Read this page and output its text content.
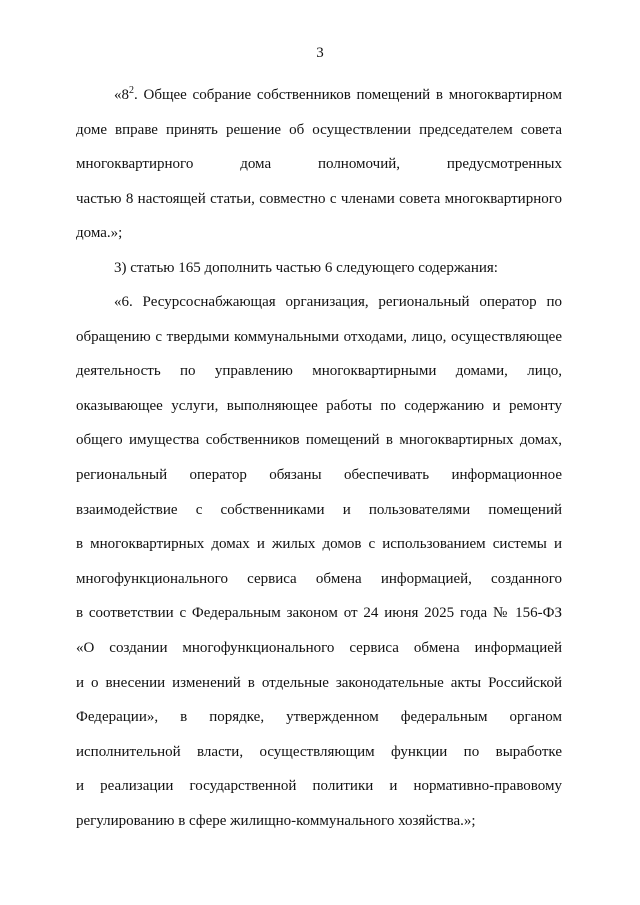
3
«$8^2$. Общее собрание собственников помещений в многоквартирном
доме вправе принять решение об осуществлении председателем совета
многоквартирного дома полномочий, предусмотренных
частью 8 настоящей статьи, совместно с членами совета многоквартирного
дома.»;
3) статью 165 дополнить частью 6 следующего содержания:
«6. Ресурсоснабжающая организация, региональный оператор по
обращению с твердыми коммунальными отходами, лицо, осуществляющее
деятельность по управлению многоквартирными домами, лицо,
оказывающее услуги, выполняющее работы по содержанию и ремонту
общего имущества собственников помещений в многоквартирных домах,
региональный оператор обязаны обеспечивать информационное
взаимодействие с собственниками и пользователями помещений
в многоквартирных домах и жилых домов с использованием системы и
многофункционального сервиса обмена информацией, созданного
в соответствии с Федеральным законом от 24 июня 2025 года № 156-ФЗ
«О создании многофункционального сервиса обмена информацией
и о внесении изменений в отдельные законодательные акты Российской
Федерации», в порядке, утвержденном федеральным органом
исполнительной власти, осуществляющим функции по выработке
и реализации государственной политики и нормативно-правовому
регулированию в сфере жилищно-коммунального хозяйства.»;
